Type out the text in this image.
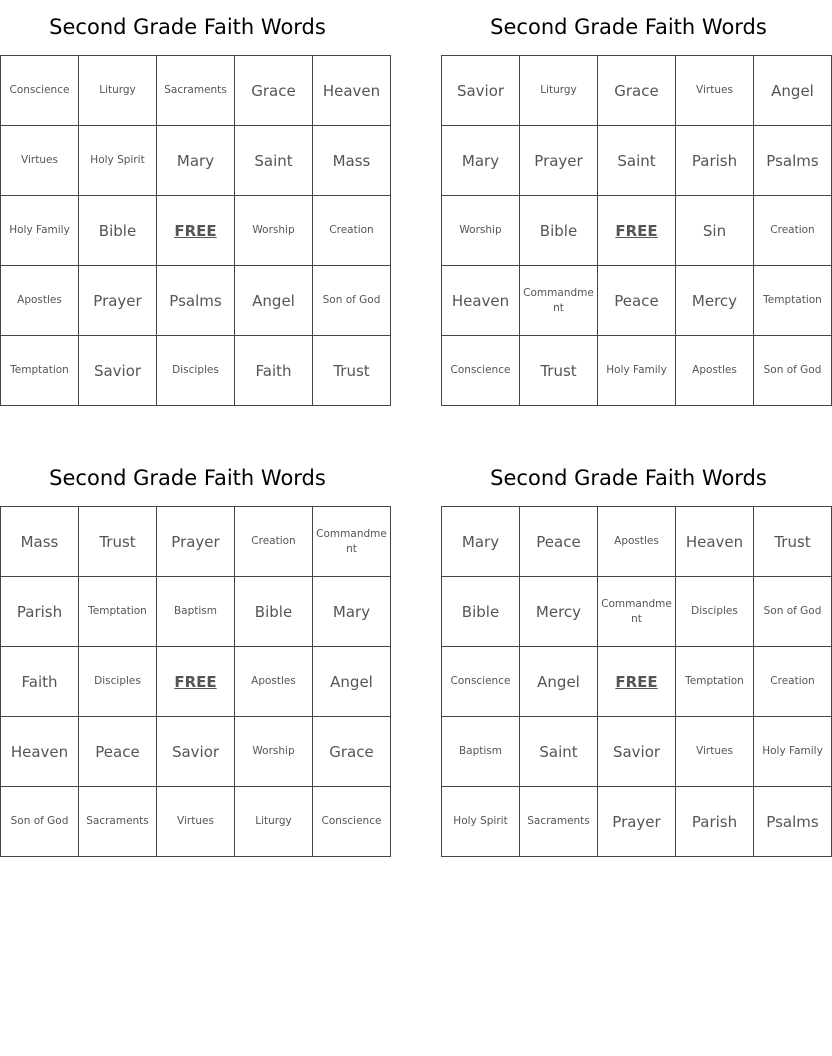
Second Grade Faith Words
Conscience	Liturgy	Sacraments	Grace	Heaven
Virtues	Holy Spirit	Mary	Saint	Mass
Holy Family	Bible	FREE	Worship	Creation
Apostles	Prayer	Psalms	Angel	Son of God
Temptation	Savior	Disciples	Faith	Trust
Second Grade Faith Words
Savior	Liturgy	Grace	Virtues	Angel
Mary	Prayer	Saint	Parish	Psalms
Worship	Bible	FREE	Sin	Creation
Heaven	Commandment	Peace	Mercy	Temptation
Conscience	Trust	Holy Family	Apostles	Son of God
Second Grade Faith Words
Mass	Trust	Prayer	Creation	Commandment
Parish	Temptation	Baptism	Bible	Mary
Faith	Disciples	FREE	Apostles	Angel
Heaven	Peace	Savior	Worship	Grace
Son of God	Sacraments	Virtues	Liturgy	Conscience
Second Grade Faith Words
Mary	Peace	Apostles	Heaven	Trust
Bible	Mercy	Commandment	Disciples	Son of God
Conscience	Angel	FREE	Temptation	Creation
Baptism	Saint	Savior	Virtues	Holy Family
Holy Spirit	Sacraments	Prayer	Parish	Psalms
